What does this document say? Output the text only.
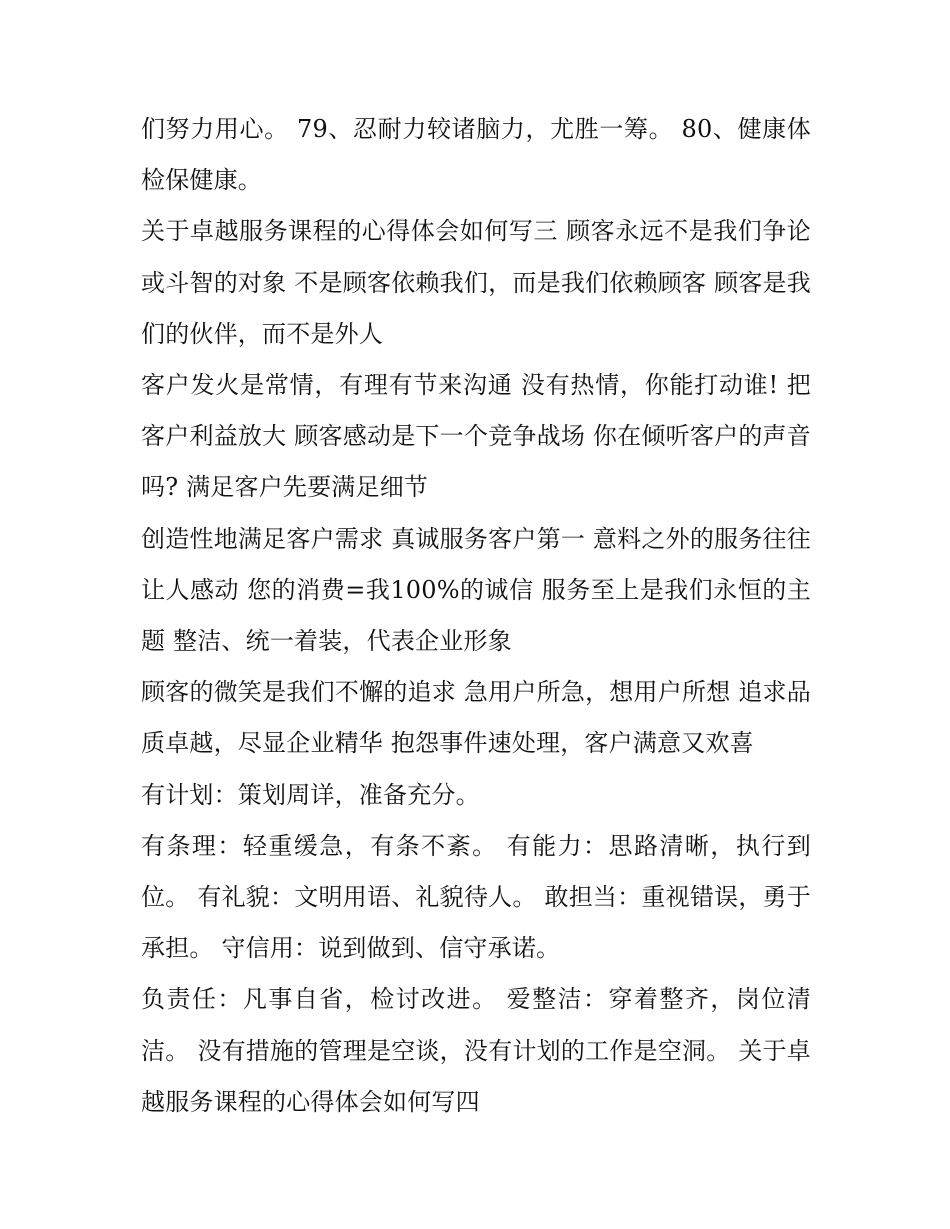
们努力用心。 79、忍耐力较诸脑力，尤胜一筹。 80、健康体检保健康。

关于卓越服务课程的心得体会如何写三 顾客永远不是我们争论或斗智的对象 不是顾客依赖我们，而是我们依赖顾客 顾客是我们的伙伴，而不是外人

客户发火是常情，有理有节来沟通 没有热情，你能打动谁! 把客户利益放大 顾客感动是下一个竞争战场 你在倾听客户的声音吗? 满足客户先要满足细节

创造性地满足客户需求 真诚服务客户第一 意料之外的服务往往让人感动 您的消费=我100%的诚信 服务至上是我们永恒的主题 整洁、统一着装，代表企业形象

顾客的微笑是我们不懈的追求 急用户所急，想用户所想 追求品质卓越，尽显企业精华 抱怨事件速处理，客户满意又欢喜

有计划：策划周详，准备充分。

有条理：轻重缓急，有条不紊。 有能力：思路清晰，执行到位。 有礼貌：文明用语、礼貌待人。 敢担当：重视错误，勇于承担。 守信用：说到做到、信守承诺。

负责任：凡事自省，检讨改进。 爱整洁：穿着整齐，岗位清洁。 没有措施的管理是空谈，没有计划的工作是空洞。 关于卓越服务课程的心得体会如何写四
